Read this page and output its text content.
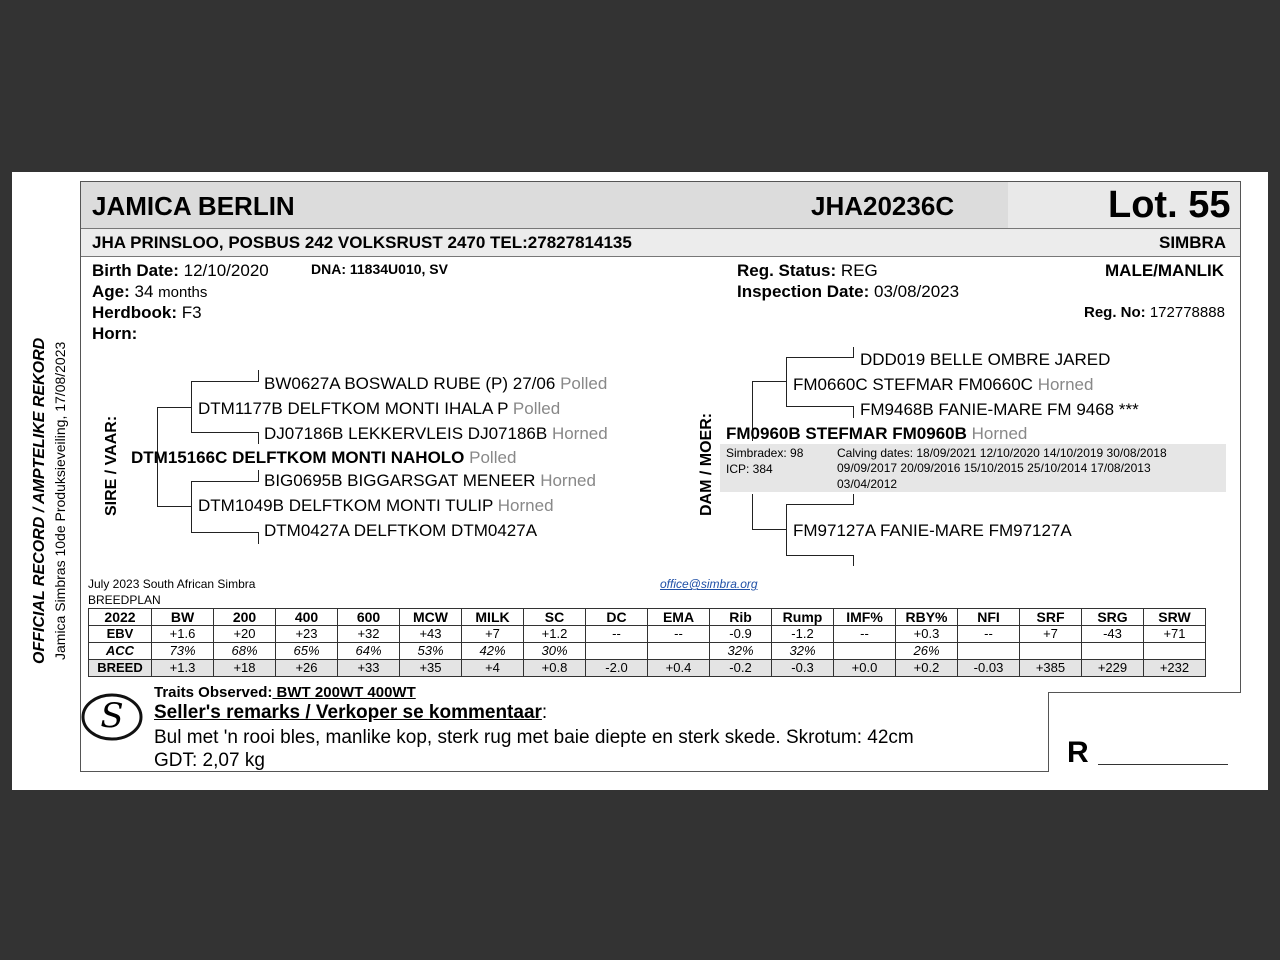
JAMICA BERLIN	JHA20236C	Lot. 55
JHA PRINSLOO, POSBUS 242 VOLKSRUST 2470 TEL:27827814135	SIMBRA
Birth Date: 12/10/2020	DNA: 11834U010, SV
Age: 34 months
Herdbook: F3
Horn:
Reg. Status: REG
Inspection Date: 03/08/2023
MALE/MANLIK
Reg. No: 172778888
OFFICIAL RECORD / AMPTELIKE REKORD Jamica Simbras 10de Produksieveiling, 17/08/2023 SIRE / VAAR:
BW0627A BOSWALD RUBE (P) 27/06 Polled
DTM1177B DELFTKOM MONTI IHALA P Polled
DJ07186B LEKKERVLEIS DJ07186B Horned
DTM15166C DELFTKOM MONTI NAHOLO Polled
BIG0695B BIGGARSGAT MENEER Horned
DTM1049B DELFTKOM MONTI TULIP Horned
DTM0427A DELFTKOM DTM0427A
DAM / MOER:
DDD019 BELLE OMBRE JARED
FM0660C STEFMAR FM0660C Horned
FM9468B FANIE-MARE FM 9468 ***
FM0960B STEFMAR FM0960B Horned
Simbradex: 98
ICP: 384
Calving dates: 18/09/2021 12/10/2020 14/10/2019 30/08/2018
09/09/2017 20/09/2016 15/10/2015 25/10/2014 17/08/2013
03/04/2012
FM97127A FANIE-MARE FM97127A
July 2023 South African Simbra
BREEDPLAN
office@simbra.org
2022	BW	200	400	600	MCW	MILK	SC	DC	EMA	Rib	Rump	IMF%	RBY%	NFI	SRF	SRG	SRW
EBV	+1.6	+20	+23	+32	+43	+7	+1.2	--	--	-0.9	-1.2	--	+0.3	--	+7	-43	+71
ACC	73%	68%	65%	64%	53%	42%	30%			32%	32%		26%				
BREED	+1.3	+18	+26	+33	+35	+4	+0.8	-2.0	+0.4	-0.2	-0.3	+0.0	+0.2	-0.03	+385	+229	+232
R
S
Traits Observed: BWT 200WT 400WT
Seller's remarks / Verkoper se kommentaar:
Bul met 'n rooi bles, manlike kop, sterk rug met baie diepte en sterk skede. Skrotum: 42cm
GDT: 2,07 kg
